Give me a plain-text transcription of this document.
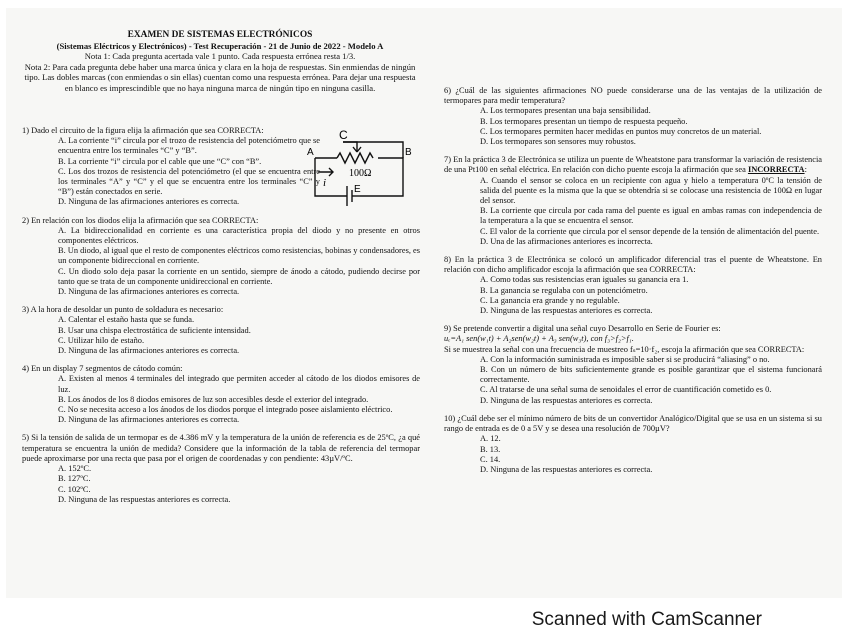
EXAMEN DE SISTEMAS ELECTRÓNICOS
(Sistemas Eléctricos y Electrónicos) - Test Recuperación - 21 de Junio de 2022 - Modelo A
Nota 1: Cada pregunta acertada vale 1 punto. Cada respuesta errónea resta 1/3.
Nota 2: Para cada pregunta debe haber una marca única y clara en la hoja de respuestas. Sin enmiendas de ningún tipo. Las dobles marcas (con enmiendas o sin ellas) cuentan como una respuesta errónea. Para dejar una respuesta en blanco es imprescindible que no haya ninguna marca de ningún tipo en ninguna casilla.
1) Dado el circuito de la figura elija la afirmación que sea CORRECTA:
A. La corriente “i” circula por el trozo de resistencia del potenciómetro que se encuentra entre los terminales “C” y “B”.
B. La corriente “i” circula por el cable que une “C” con “B”.
C. Los dos trozos de resistencia del potenciómetro (el que se encuentra entre los terminales “A” y “C” y el que se encuentra entre los terminales “C” y “B”) están conectados en serie.
D. Ninguna de las afirmaciones anteriores es correcta.
2) En relación con los diodos elija la afirmación que sea CORRECTA:
A. La bidireccionalidad en corriente es una característica propia del diodo y no presente en otros componentes eléctricos.
B. Un diodo, al igual que el resto de componentes eléctricos como resistencias, bobinas y condensadores, es un componente bidireccional en corriente.
C. Un diodo solo deja pasar la corriente en un sentido, siempre de ánodo a cátodo, pudiendo decirse por tanto que se trata de un componente unidireccional en corriente.
D. Ninguna de las afirmaciones anteriores es correcta.
3) A la hora de desoldar un punto de soldadura es necesario:
A. Calentar el estaño hasta que se funda.
B. Usar una chispa electrostática de suficiente intensidad.
C. Utilizar hilo de estaño.
D. Ninguna de las afirmaciones anteriores es correcta.
4) En un display 7 segmentos de cátodo común:
A. Existen al menos 4 terminales del integrado que permiten acceder al cátodo de los diodos emisores de luz.
B. Los ánodos de los 8 diodos emisores de luz son accesibles desde el exterior del integrado.
C. No se necesita acceso a los ánodos de los diodos porque el integrado posee aislamiento eléctrico.
D. Ninguna de las afirmaciones anteriores es correcta.
5) Si la tensión de salida de un termopar es de 4.386 mV y la temperatura de la unión de referencia es de 25ºC, ¿a qué temperatura se encuentra la unión de medida? Considere que la información de la tabla de referencia del termopar puede aproximarse por una recta que pasa por el origen de coordenadas y con pendiente: 43µV/ºC.
A. 152ºC.
B. 127ºC.
C. 102ºC.
D. Ninguna de las respuestas anteriores es correcta.
C
A	B
i
100Ω
E
6) ¿Cuál de las siguientes afirmaciones NO puede considerarse una de las ventajas de la utilización de termopares para medir temperatura?
A. Los termopares presentan una baja sensibilidad.
B. Los termopares presentan un tiempo de respuesta pequeño.
C. Los termopares permiten hacer medidas en puntos muy concretos de un material.
D. Los termopares son sensores muy robustos.
7) En la práctica 3 de Electrónica se utiliza un puente de Wheatstone para transformar la variación de resistencia de una Pt100 en señal eléctrica. En relación con dicho puente escoja la afirmación que sea INCORRECTA:
A. Cuando el sensor se coloca en un recipiente con agua y hielo a temperatura 0ºC la tensión de salida del puente es la misma que la que se obtendría si se colocase una resistencia de 100Ω en lugar del sensor.
B. La corriente que circula por cada rama del puente es igual en ambas ramas con independencia de la temperatura a la que se encuentra el sensor.
C. El valor de la corriente que circula por el sensor depende de la tensión de alimentación del puente.
D. Una de las afirmaciones anteriores es incorrecta.
8) En la práctica 3 de Electrónica se colocó un amplificador diferencial tras el puente de Wheatstone. En relación con dicho amplificador escoja la afirmación que sea CORRECTA:
A. Como todas sus resistencias eran iguales su ganancia era 1.
B. La ganancia se regulaba con un potenciómetro.
C. La ganancia era grande y no regulable.
D. Ninguna de las respuestas anteriores es correcta.
9) Se pretende convertir a digital una señal cuyo Desarrollo en Serie de Fourier es:
uₑ=A₁ sen(w₁t) + A₂sen(w₂t) + A₃ sen(w₃t), con f₃>f₂>f₁.
Si se muestrea la señal con una frecuencia de muestreo fₛ=10·f₂, escoja la afirmación que sea CORRECTA:
A. Con la información suministrada es imposible saber si se producirá “aliasing” o no.
B. Con un número de bits suficientemente grande es posible garantizar que el sistema funcionará correctamente.
C. Al tratarse de una señal suma de senoidales el error de cuantificación cometido es 0.
D. Ninguna de las respuestas anteriores es correcta.
10) ¿Cuál debe ser el mínimo número de bits de un convertidor Analógico/Digital que se usa en un sistema si su rango de entrada es de 0 a 5V y se desea una resolución de 700µV?
A. 12.
B. 13.
C. 14.
D. Ninguna de las respuestas anteriores es correcta.
Scanned with CamScanner
